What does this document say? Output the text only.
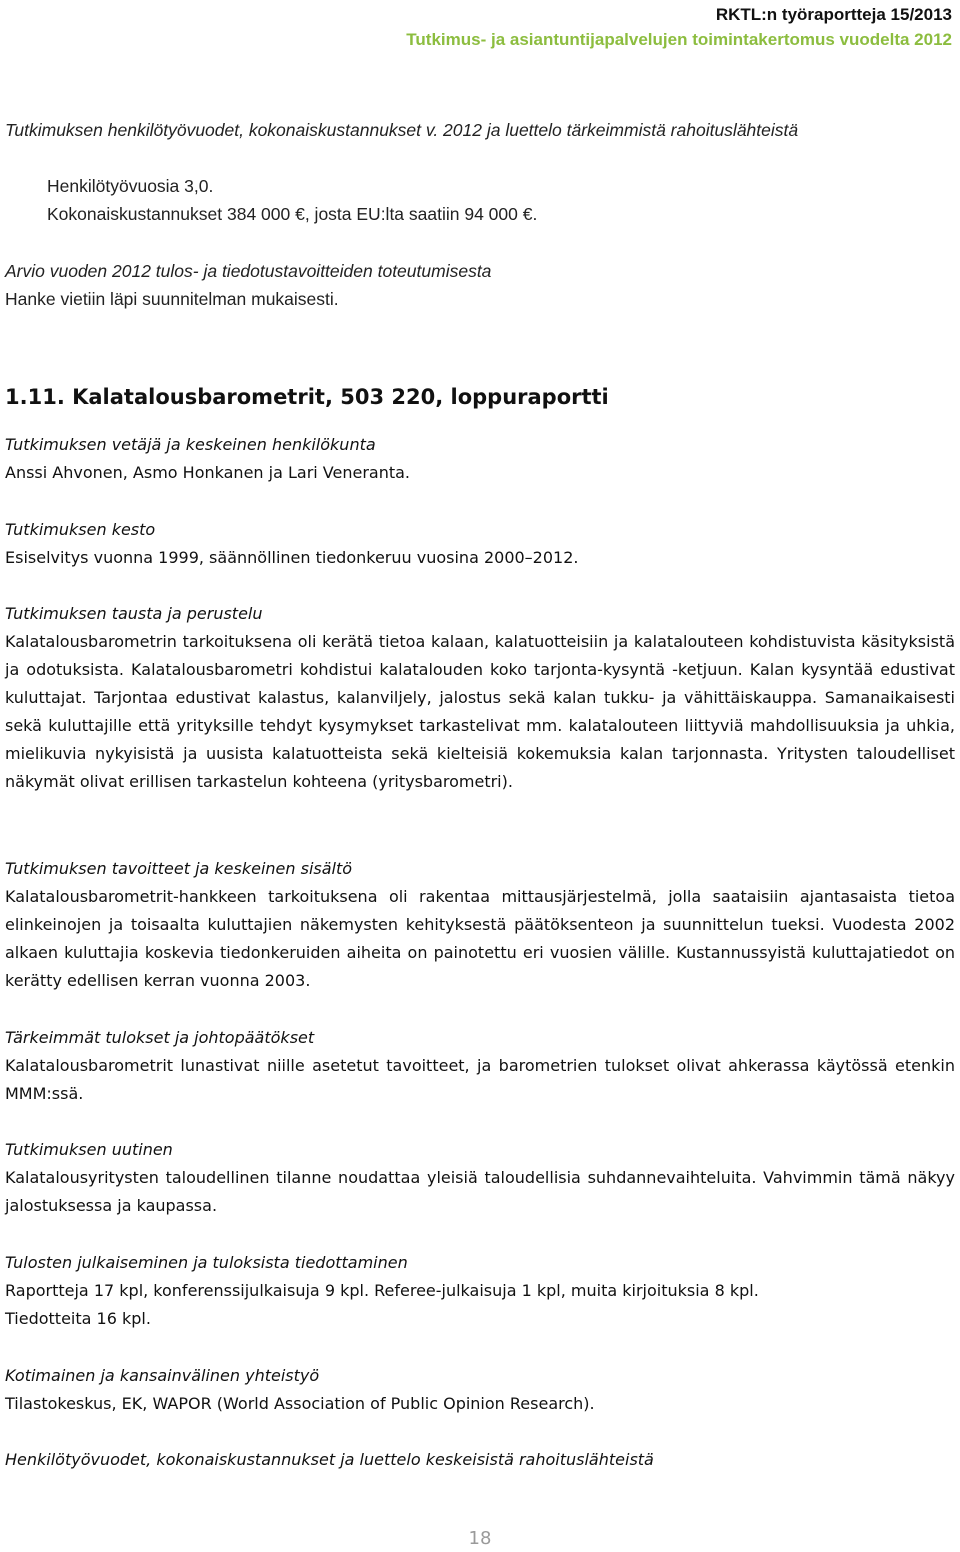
RKTL:n työraportteja 15/2013
Tutkimus- ja asiantuntijapalvelujen toimintakertomus vuodelta 2012

Tutkimuksen henkilötyövuodet, kokonaiskustannukset v. 2012 ja luettelo tärkeimmistä rahoituslähteistä

Henkilötyövuosia 3,0.

Kokonaiskustannukset 384 000 €, josta EU:lta saatiin 94 000 €.

Arvio vuoden 2012 tulos- ja tiedotustavoitteiden toteutumisesta

Hanke vietiin läpi suunnitelman mukaisesti.

1.11. Kalatalousbarometrit, 503 220, loppuraportti

Tutkimuksen vetäjä ja keskeinen henkilökunta

Anssi Ahvonen, Asmo Honkanen ja Lari Veneranta.

Tutkimuksen kesto

Esiselvitys vuonna 1999, säännöllinen tiedonkeruu vuosina 2000–2012.

Tutkimuksen tausta ja perustelu

Kalatalousbarometrin tarkoituksena oli kerätä tietoa kalaan, kalatuotteisiin ja kalatalouteen kohdistuvista käsityksistä ja odotuksista. Kalatalousbarometri kohdistui kalatalouden koko tarjonta-kysyntä -ketjuun. Kalan kysyntää edustivat kuluttajat. Tarjontaa edustivat kalastus, kalanviljely, jalostus sekä kalan tukku- ja vähittäiskauppa. Samanaikaisesti sekä kuluttajille että yrityksille tehdyt kysymykset tarkastelivat mm. kalatalouteen liittyviä mahdollisuuksia ja uhkia, mielikuvia nykyisistä ja uusista kalatuotteista sekä kielteisiä kokemuksia kalan tarjonnasta. Yritysten taloudelliset näkymät olivat erillisen tarkastelun kohteena (yritysbarometri).

Tutkimuksen tavoitteet ja keskeinen sisältö

Kalatalousbarometrit-hankkeen tarkoituksena oli rakentaa mittausjärjestelmä, jolla saataisiin ajantasaista tietoa elinkeinojen ja toisaalta kuluttajien näkemysten kehityksestä päätöksenteon ja suunnittelun tueksi. Vuodesta 2002 alkaen kuluttajia koskevia tiedonkeruiden aiheita on painotettu eri vuosien välille. Kustannussyistä kuluttajatiedot on kerätty edellisen kerran vuonna 2003.

Tärkeimmät tulokset ja johtopäätökset

Kalatalousbarometrit lunastivat niille asetetut tavoitteet, ja barometrien tulokset olivat ahkerassa käytössä etenkin MMM:ssä.

Tutkimuksen uutinen

Kalatalousyritysten taloudellinen tilanne noudattaa yleisiä taloudellisia suhdannevaihteluita. Vahvimmin tämä näkyy jalostuksessa ja kaupassa.

Tulosten julkaiseminen ja tuloksista tiedottaminen

Raportteja 17 kpl, konferenssijulkaisuja 9 kpl. Referee-julkaisuja 1 kpl, muita kirjoituksia 8 kpl.

Tiedotteita 16 kpl.

Kotimainen ja kansainvälinen yhteistyö

Tilastokeskus, EK, WAPOR (World Association of Public Opinion Research).

Henkilötyövuodet, kokonaiskustannukset ja luettelo keskeisistä rahoituslähteistä

18
